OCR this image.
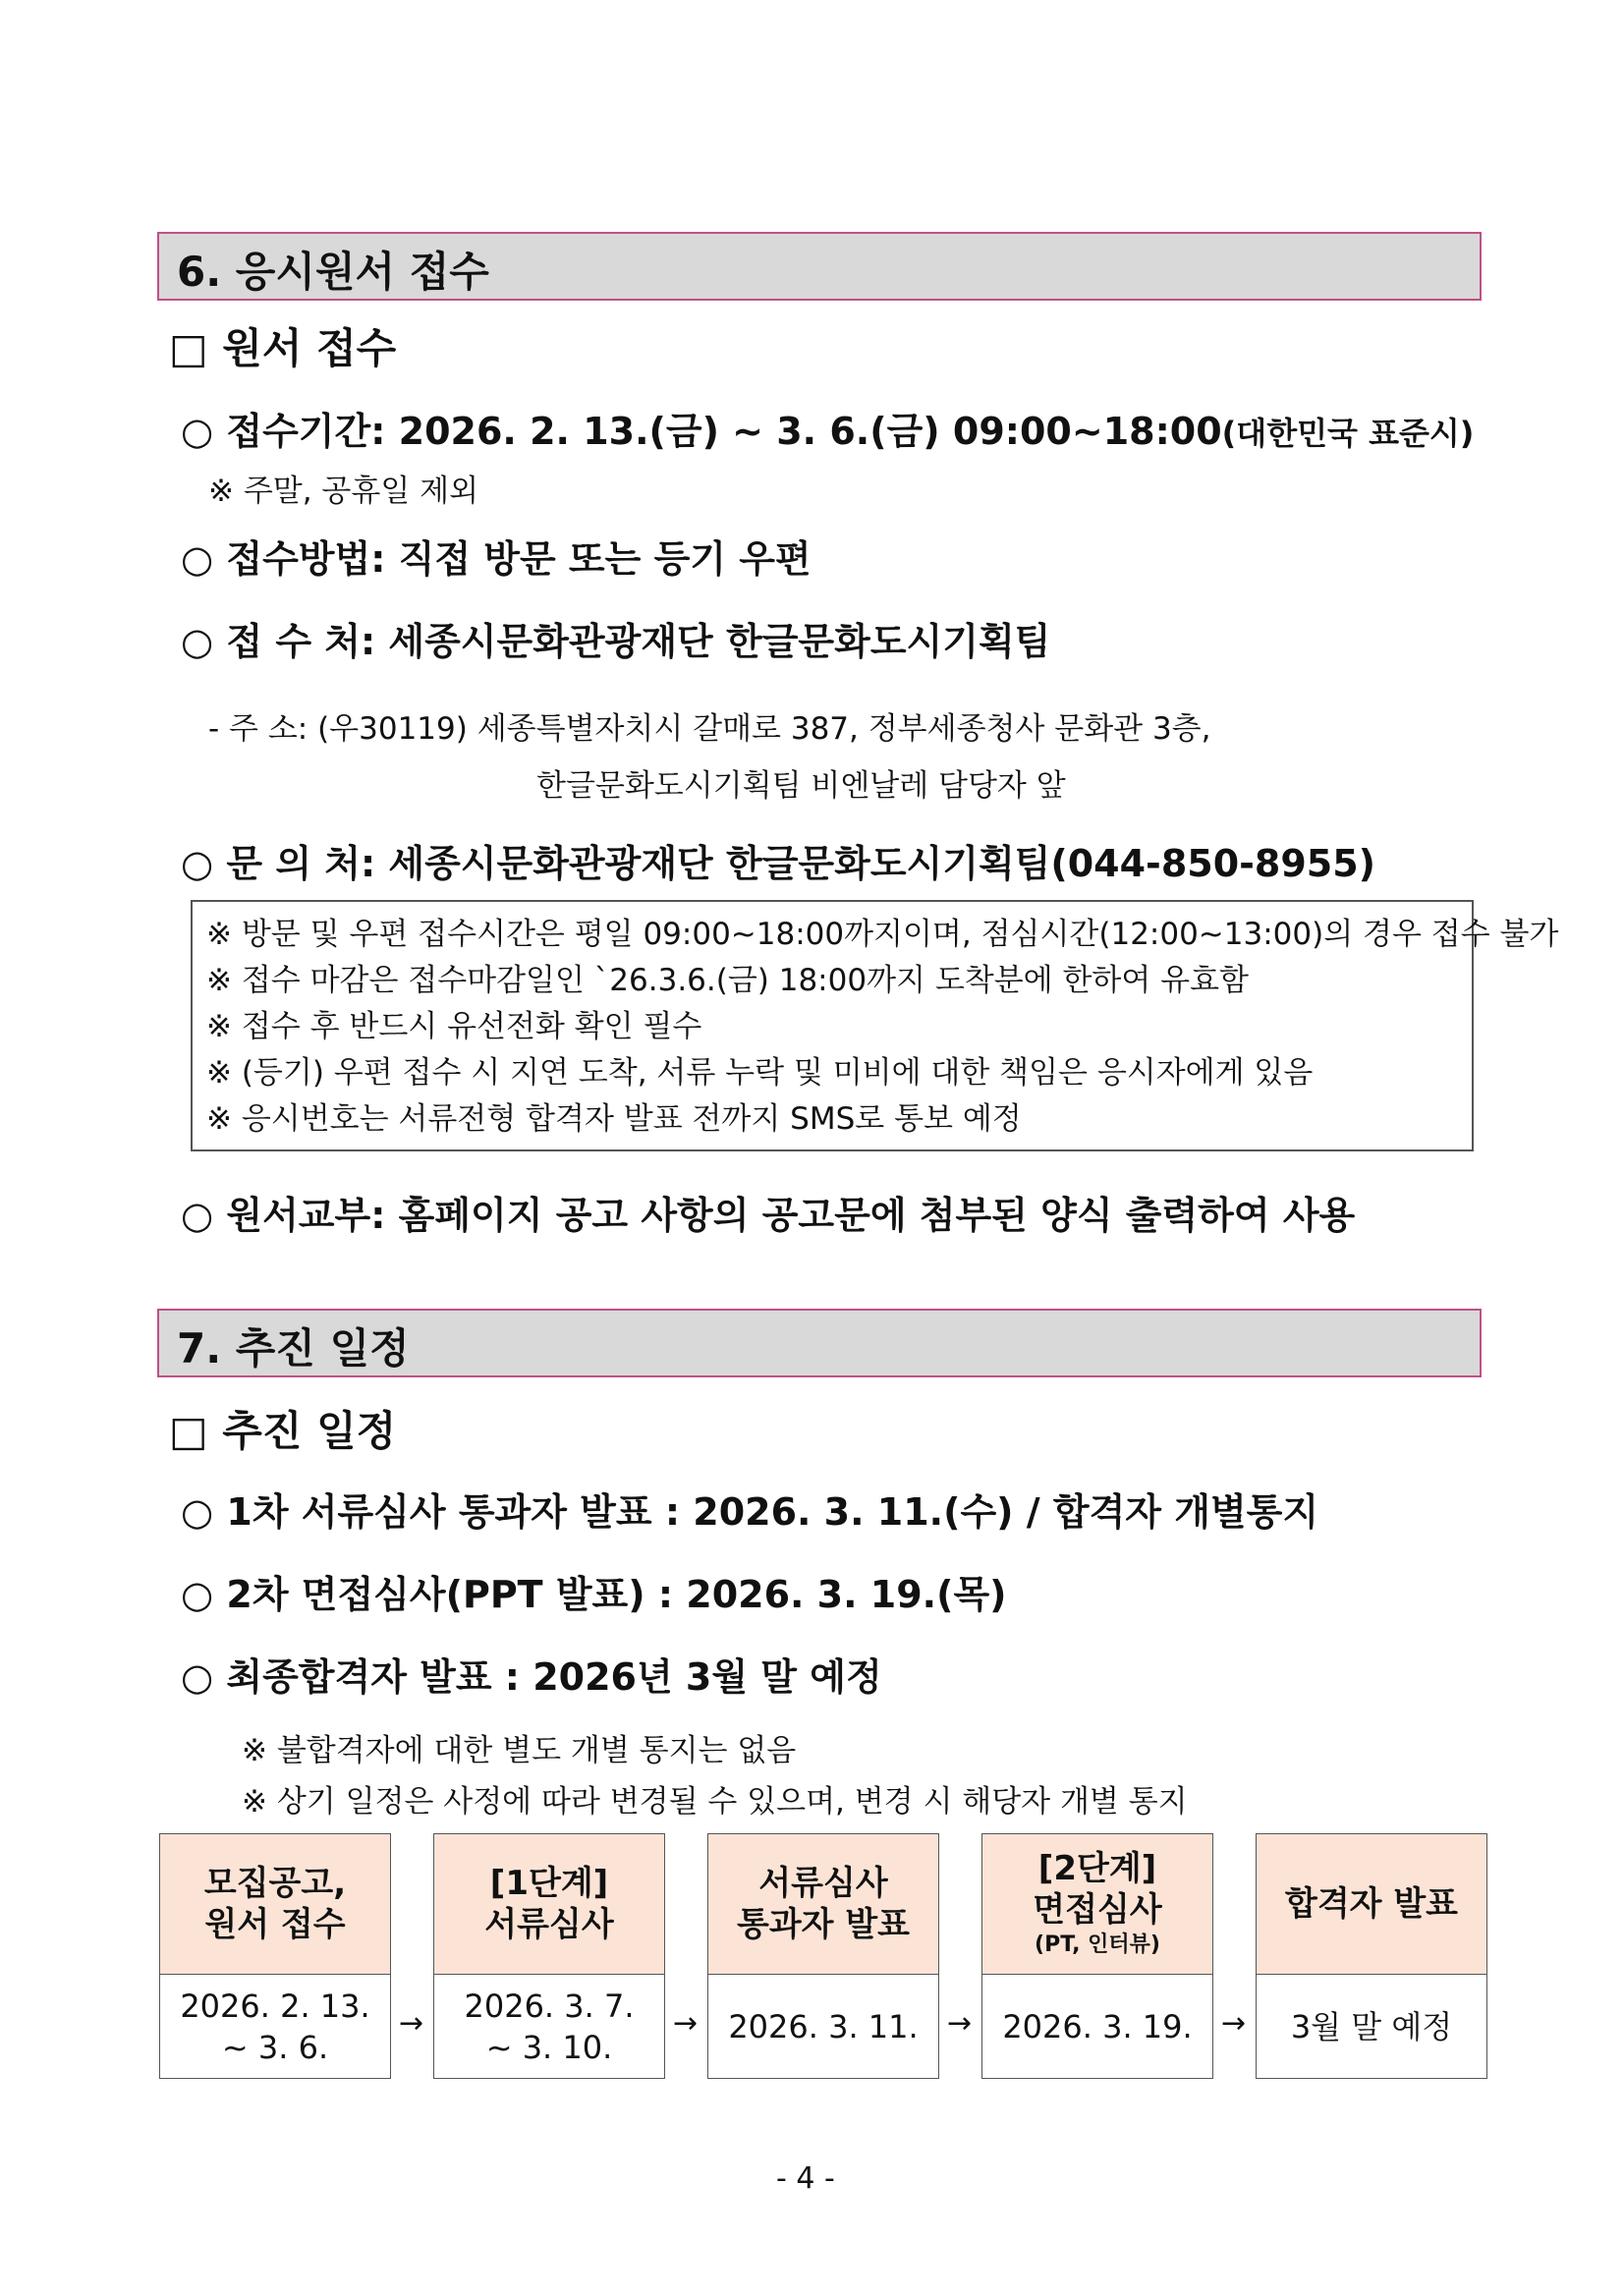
6. 응시원서 접수
□ 원서 접수
○ 접수기간: 2026. 2. 13.(금) ~ 3. 6.(금) 09:00~18:00(대한민국 표준시)
※ 주말, 공휴일 제외
○ 접수방법: 직접 방문 또는 등기 우편
○ 접 수 처: 세종시문화관광재단 한글문화도시기획팀
- 주 소: (우30119) 세종특별자치시 갈매로 387, 정부세종청사 문화관 3층,
한글문화도시기획팀 비엔날레 담당자 앞
○ 문 의 처: 세종시문화관광재단 한글문화도시기획팀(044-850-8955)
※ 방문 및 우편 접수시간은 평일 09:00~18:00까지이며, 점심시간(12:00~13:00)의 경우 접수 불가
※ 접수 마감은 접수마감일인 `26.3.6.(금) 18:00까지 도착분에 한하여 유효함
※ 접수 후 반드시 유선전화 확인 필수
※ (등기) 우편 접수 시 지연 도착, 서류 누락 및 미비에 대한 책임은 응시자에게 있음
※ 응시번호는 서류전형 합격자 발표 전까지 SMS로 통보 예정
○ 원서교부: 홈페이지 공고 사항의 공고문에 첨부된 양식 출력하여 사용
7. 추진 일정
□ 추진 일정
○ 1차 서류심사 통과자 발표 : 2026. 3. 11.(수) / 합격자 개별통지
○ 2차 면접심사(PPT 발표) : 2026. 3. 19.(목)
○ 최종합격자 발표 : 2026년 3월 말 예정
※ 불합격자에 대한 별도 개별 통지는 없음
※ 상기 일정은 사정에 따라 변경될 수 있으며, 변경 시 해당자 개별 통지
모집공고,
원서 접수
2026. 2. 13.
~ 3. 6.
→
[1단계]
서류심사
2026. 3. 7.
~ 3. 10.
→
서류심사
통과자 발표
2026. 3. 11. →
[2단계]
면접심사
(PT, 인터뷰)
2026. 3. 19. →
합격자 발표
3월 말 예정
- 4 -
